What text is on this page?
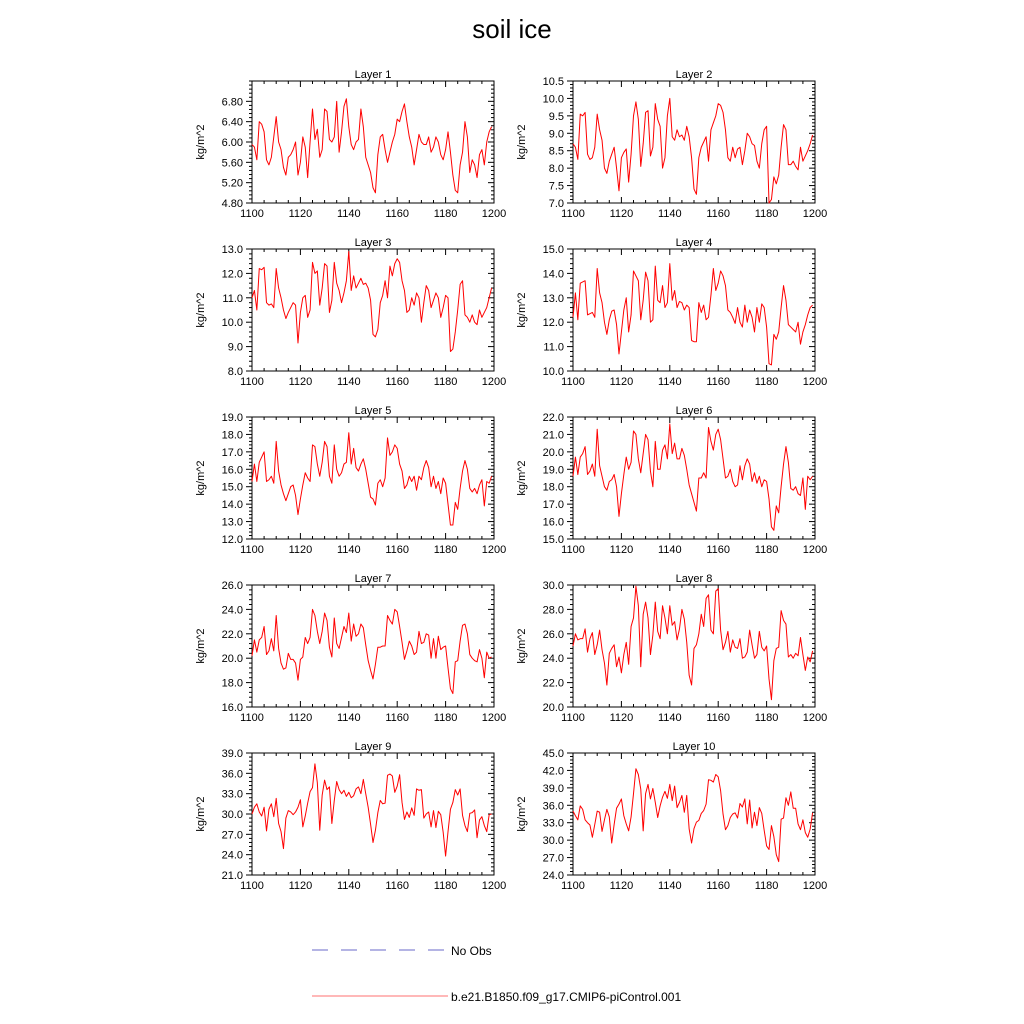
soil ice
Layer 1
kg/m^2
1100 1120 1140 1160 1180 1200
4.80
5.20
5.60
6.00
6.40
6.80
Layer 2
kg/m^2
1100 1120 1140 1160 1180 1200
7.0
7.5
8.0
8.5
9.0
9.5
10.0
10.5
Layer 3
kg/m^2
1100 1120 1140 1160 1180 1200
8.0
9.0
10.0
11.0
12.0
13.0
Layer 4
kg/m^2
1100 1120 1140 1160 1180 1200
10.0
11.0
12.0
13.0
14.0
15.0
Layer 5
kg/m^2
1100 1120 1140 1160 1180 1200
12.0
13.0
14.0
15.0
16.0
17.0
18.0
19.0
Layer 6
kg/m^2
1100 1120 1140 1160 1180 1200
15.0
16.0
17.0
18.0
19.0
20.0
21.0
22.0
Layer 7
kg/m^2
1100 1120 1140 1160 1180 1200
16.0
18.0
20.0
22.0
24.0
26.0
Layer 8
kg/m^2
1100 1120 1140 1160 1180 1200
20.0
22.0
24.0
26.0
28.0
30.0
Layer 9
kg/m^2
1100 1120 1140 1160 1180 1200
21.0
24.0
27.0
30.0
33.0
36.0
39.0
Layer 10
kg/m^2
1100 1120 1140 1160 1180 1200
24.0
27.0
30.0
33.0
36.0
39.0
42.0
45.0
No Obs
b.e21.B1850.f09_g17.CMIP6-piControl.001
